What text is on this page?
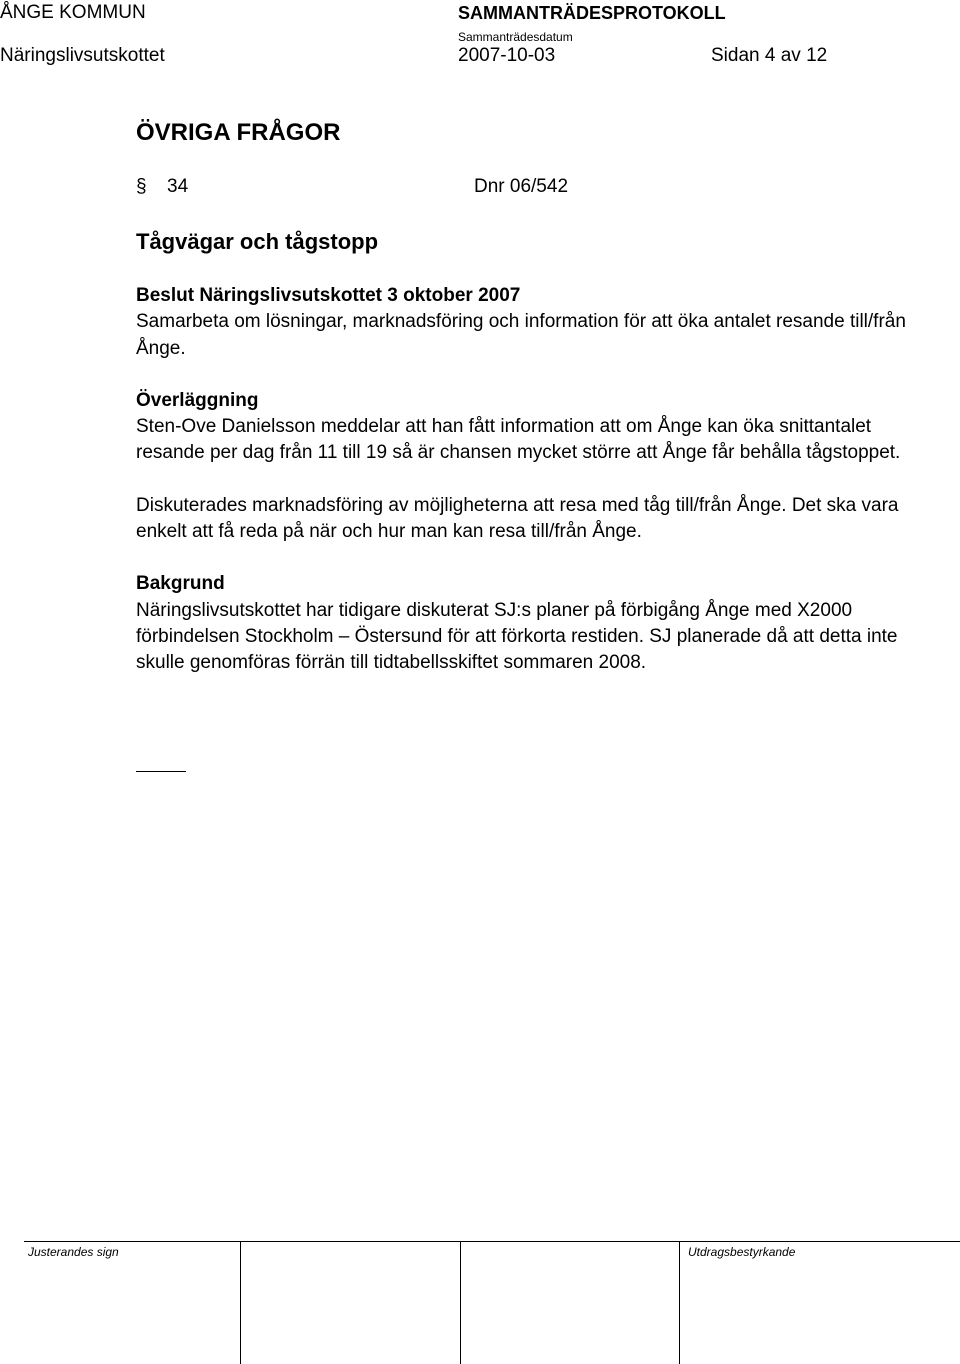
ÅNGE KOMMUN	SAMMANTRÄDESPROTOKOLL
Näringslivsutskottet
Sammanträdesdatum
2007-10-03	Sidan 4 av 12
ÖVRIGA FRÅGOR
§ 34	Dnr 06/542
Tågvägar och tågstopp

Beslut Näringslivsutskottet 3 oktober 2007

Samarbeta om lösningar, marknadsföring och information för att öka antalet resande till/från Ånge.

Överläggning

Sten-Ove Danielsson meddelar att han fått information att om Ånge kan öka snittantalet resande per dag från 11 till 19 så är chansen mycket större att Ånge får behålla tågstoppet.

Diskuterades marknadsföring av möjligheterna att resa med tåg till/från Ånge. Det ska vara enkelt att få reda på när och hur man kan resa till/från Ånge.

Bakgrund

Näringslivsutskottet har tidigare diskuterat SJ:s planer på förbigång Ånge med X2000 förbindelsen Stockholm – Östersund för att förkorta restiden. SJ planerade då att detta inte skulle genomföras förrän till tidtabellsskiftet sommaren 2008.

Justerandes sign	Utdragsbestyrkande
